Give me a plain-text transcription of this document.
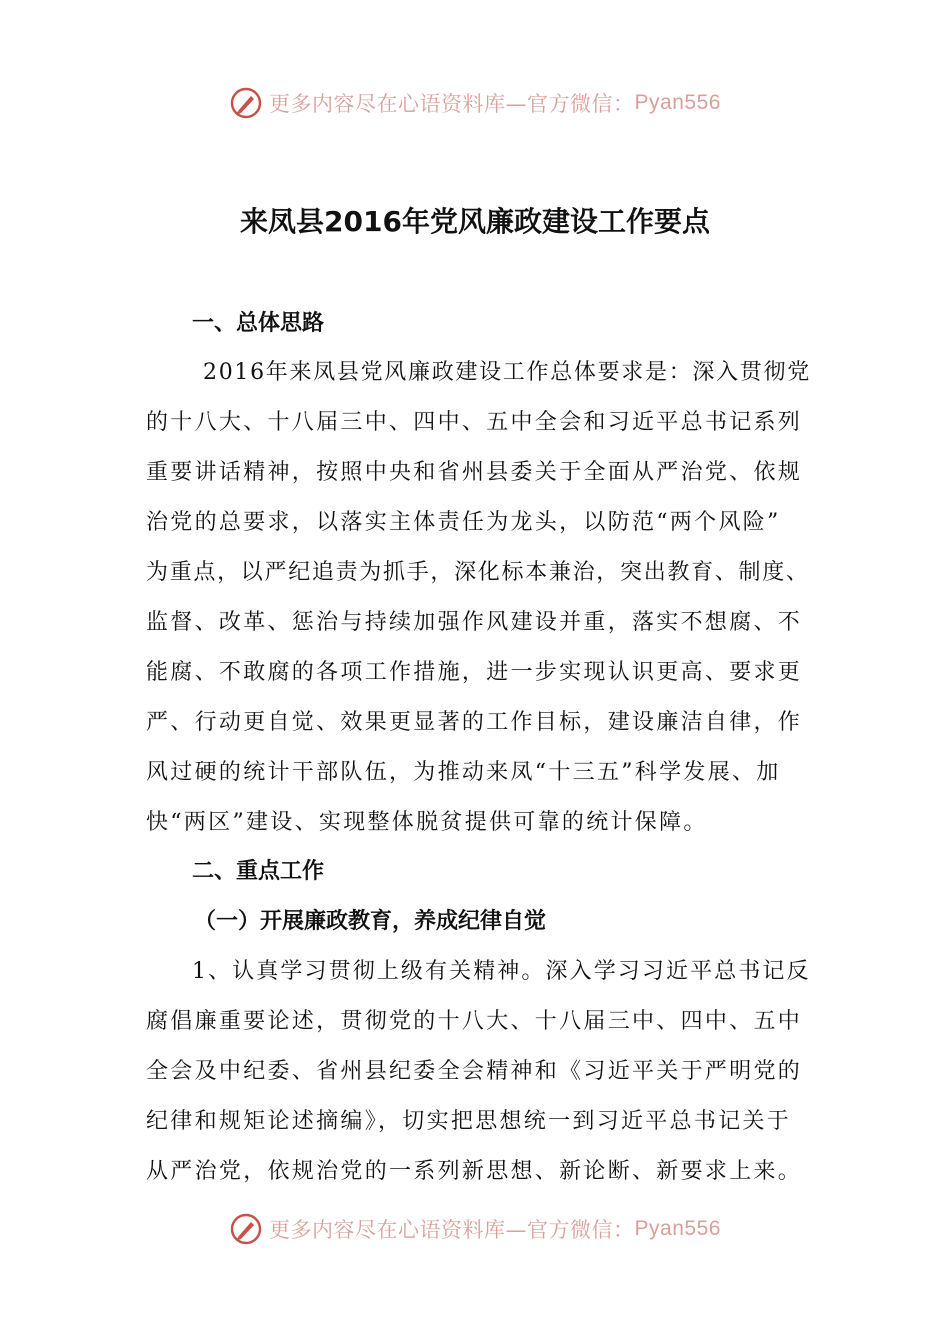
更多内容尽在心语资料库—官方微信： Pyan556
来凤县2016年党风廉政建设工作要点
一、总体思路
2016年来凤县党风廉政建设工作总体要求是：深入贯彻党
的十八大、十八届三中、四中、五中全会和习近平总书记系列
重要讲话精神，按照中央和省州县委关于全面从严治党、依规
治党的总要求，以落实主体责任为龙头，以防范“两个风险”
为重点，以严纪追责为抓手，深化标本兼治，突出教育、制度、
监督、改革、惩治与持续加强作风建设并重，落实不想腐、不
能腐、不敢腐的各项工作措施，进一步实现认识更高、要求更
严、行动更自觉、效果更显著的工作目标，建设廉洁自律，作
风过硬的统计干部队伍，为推动来凤“十三五”科学发展、加
快“两区”建设、实现整体脱贫提供可靠的统计保障。
二、重点工作
（一）开展廉政教育，养成纪律自觉
1、认真学习贯彻上级有关精神。深入学习习近平总书记反
腐倡廉重要论述，贯彻党的十八大、十八届三中、四中、五中
全会及中纪委、省州县纪委全会精神和《习近平关于严明党的
纪律和规矩论述摘编》，切实把思想统一到习近平总书记关于
从严治党，依规治党的一系列新思想、新论断、新要求上来。
更多内容尽在心语资料库—官方微信： Pyan556
